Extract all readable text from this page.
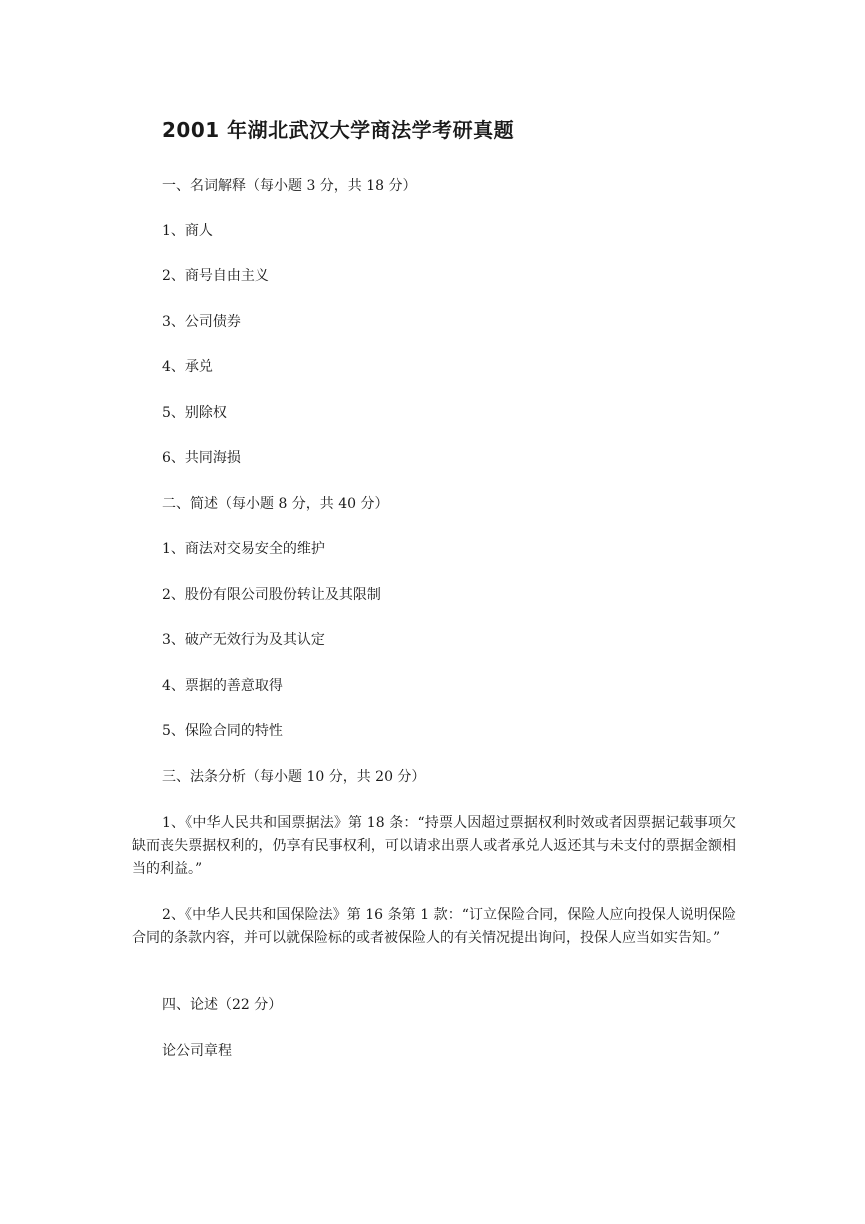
2001 年湖北武汉大学商法学考研真题
一、名词解释（每小题 3 分，共 18 分）
1、商人
2、商号自由主义
3、公司债券
4、承兑
5、别除权
6、共同海损
二、简述（每小题 8 分，共 40 分）
1、商法对交易安全的维护
2、股份有限公司股份转让及其限制
3、破产无效行为及其认定
4、票据的善意取得
5、保险合同的特性
三、法条分析（每小题 10 分，共 20 分）
1、《中华人民共和国票据法》第 18 条：“持票人因超过票据权利时效或者因票据记载事项欠缺而丧失票据权利的，仍享有民事权利，可以请求出票人或者承兑人返还其与未支付的票据金额相当的利益。”
2、《中华人民共和国保险法》第 16 条第 1 款：“订立保险合同，保险人应向投保人说明保险合同的条款内容，并可以就保险标的或者被保险人的有关情况提出询问，投保人应当如实告知。”
四、论述（22 分）
论公司章程
